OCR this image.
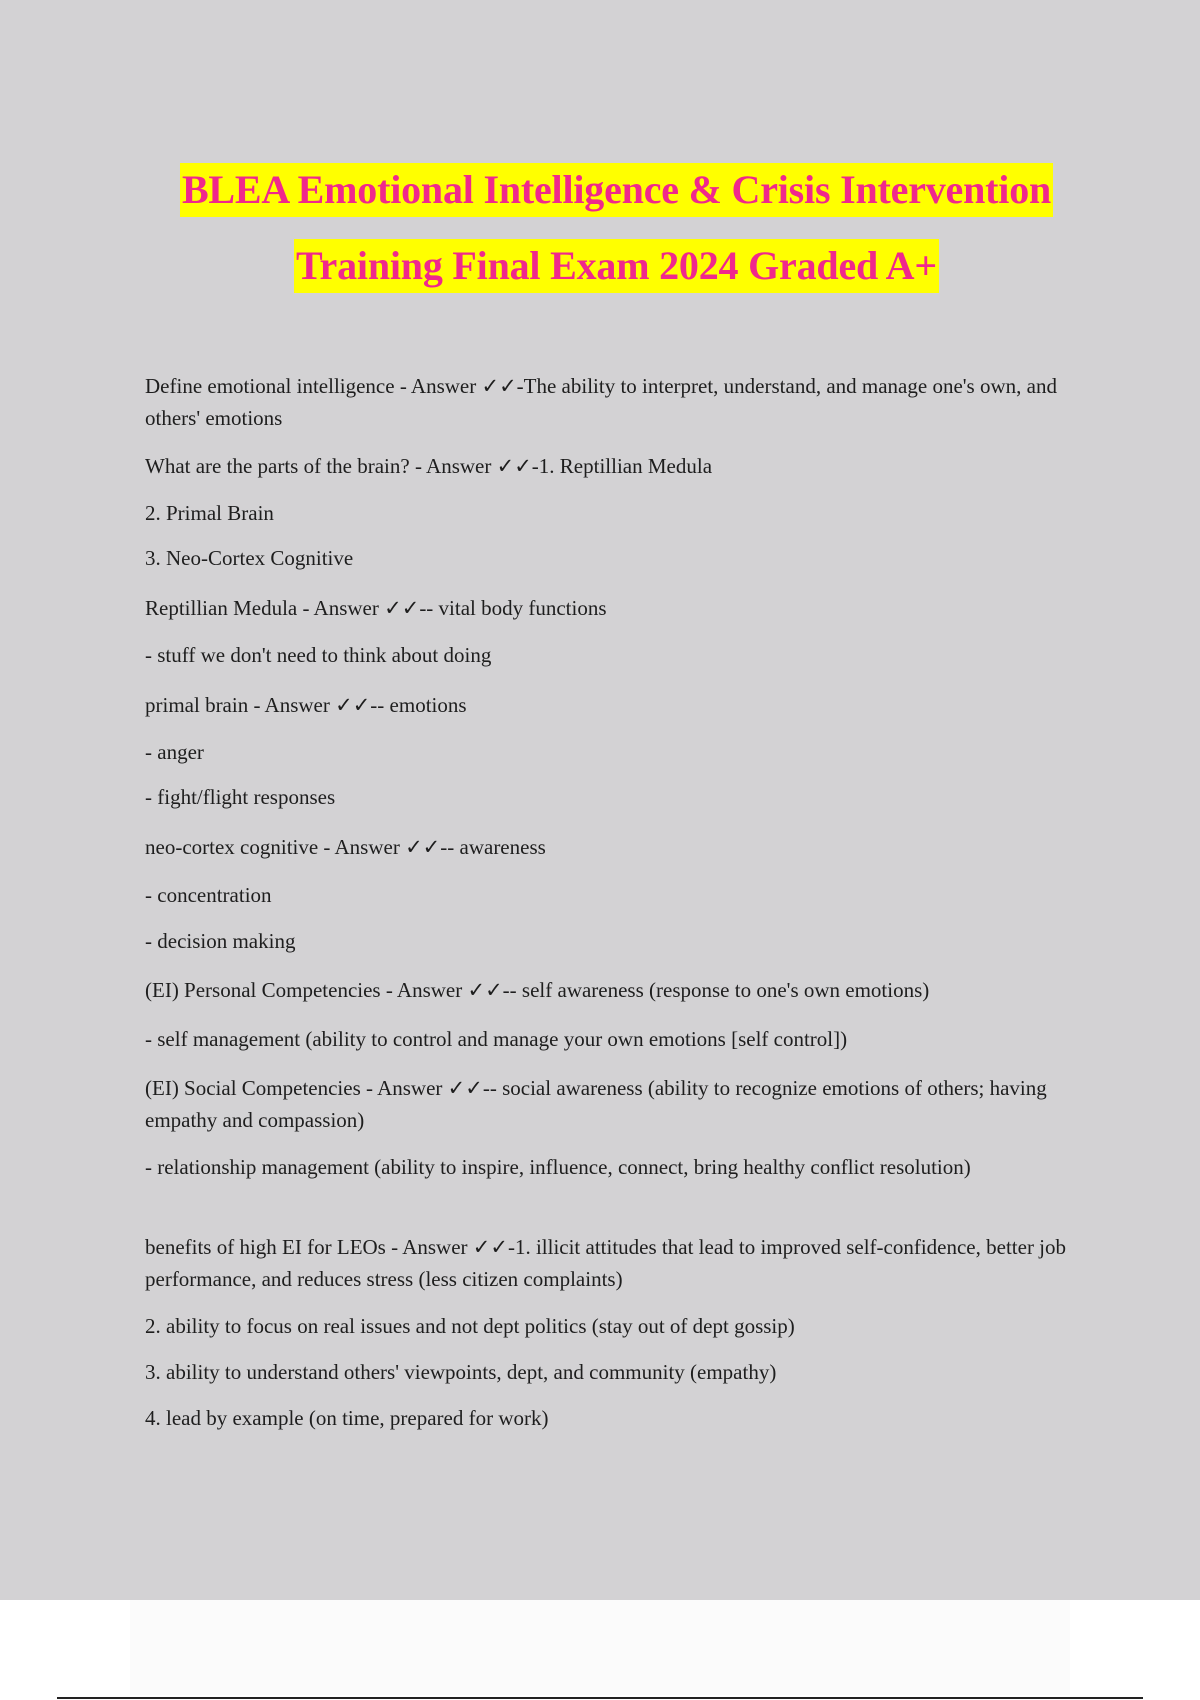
BLEA Emotional Intelligence & Crisis Intervention
Training Final Exam 2024 Graded A+

Define emotional intelligence - Answer ✓✓-The ability to interpret, understand, and manage one's own, and others' emotions

What are the parts of the brain? - Answer ✓✓-1. Reptillian Medula

2. Primal Brain

3. Neo-Cortex Cognitive

Reptillian Medula - Answer ✓✓-- vital body functions

- stuff we don't need to think about doing

primal brain - Answer ✓✓-- emotions

- anger

- fight/flight responses

neo-cortex cognitive - Answer ✓✓-- awareness

- concentration

- decision making

(EI) Personal Competencies - Answer ✓✓-- self awareness (response to one's own emotions)

- self management (ability to control and manage your own emotions [self control])

(EI) Social Competencies - Answer ✓✓-- social awareness (ability to recognize emotions of others; having empathy and compassion)

- relationship management (ability to inspire, influence, connect, bring healthy conflict resolution)

benefits of high EI for LEOs - Answer ✓✓-1. illicit attitudes that lead to improved self-confidence, better job performance, and reduces stress (less citizen complaints)

2. ability to focus on real issues and not dept politics (stay out of dept gossip)

3. ability to understand others' viewpoints, dept, and community (empathy)

4. lead by example (on time, prepared for work)
